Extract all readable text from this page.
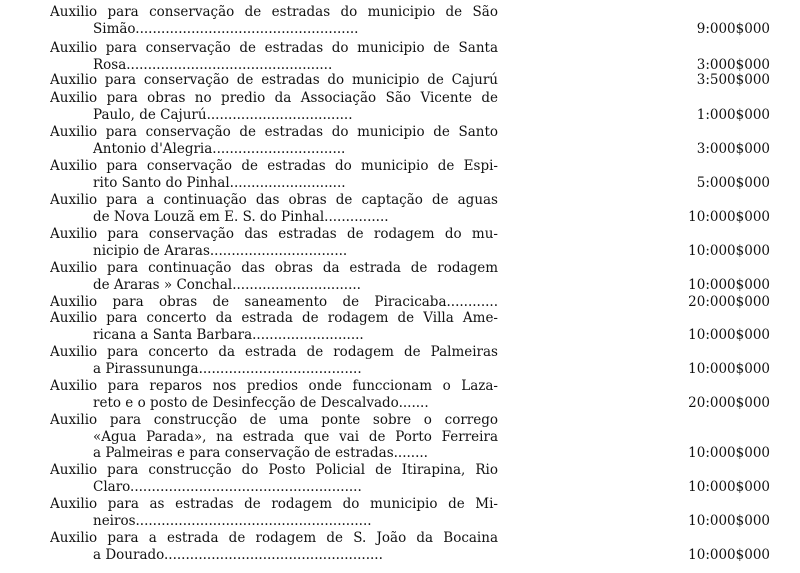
Auxilio para conservação de estradas do municipio de São
Simão....................................................	9:000$000
Auxilio para conservação de estradas do municipio de Santa
Rosa................................................	3:000$000
Auxilio para conservação de estradas do municipio de Cajurú	3:500$000
Auxilio para obras no predio da Associação São Vicente de
Paulo, de Cajurú..................................	1:000$000
Auxilio para conservação de estradas do municipio de Santo
Antonio d'Alegria...............................	3:000$000
Auxilio para conservação de estradas do municipio de Espi-
rito Santo do Pinhal...........................	5:000$000
Auxilio para a continuação das obras de captação de aguas
de Nova Louzã em E. S. do Pinhal...............	10:000$000
Auxilio para conservação das estradas de rodagem do mu-
nicipio de Araras................................	10:000$000
Auxilio para continuação das obras da estrada de rodagem
de Araras » Conchal..............................	10:000$000
Auxilio para obras de saneamento de Piracicaba............	20:000$000
Auxilio para concerto da estrada de rodagem de Villa Ame-
ricana a Santa Barbara..........................	10:000$000
Auxilio para concerto da estrada de rodagem de Palmeiras
a Pirassununga......................................	10:000$000
Auxilio para reparos nos predios onde funccionam o Laza-
reto e o posto de Desinfecção de Descalvado.......	20:000$000
Auxilio para construcção de uma ponte sobre o corrego
«Agua Parada», na estrada que vai de Porto Ferreira
a Palmeiras e para conservação de estradas........	10:000$000
Auxilio para construcção do Posto Policial de Itirapina, Rio
Claro......................................................	10:000$000
Auxilio para as estradas de rodagem do municipio de Mi-
neiros.......................................................	10:000$000
Auxilio para a estrada de rodagem de S. João da Bocaina
a Dourado...................................................	10:000$000
